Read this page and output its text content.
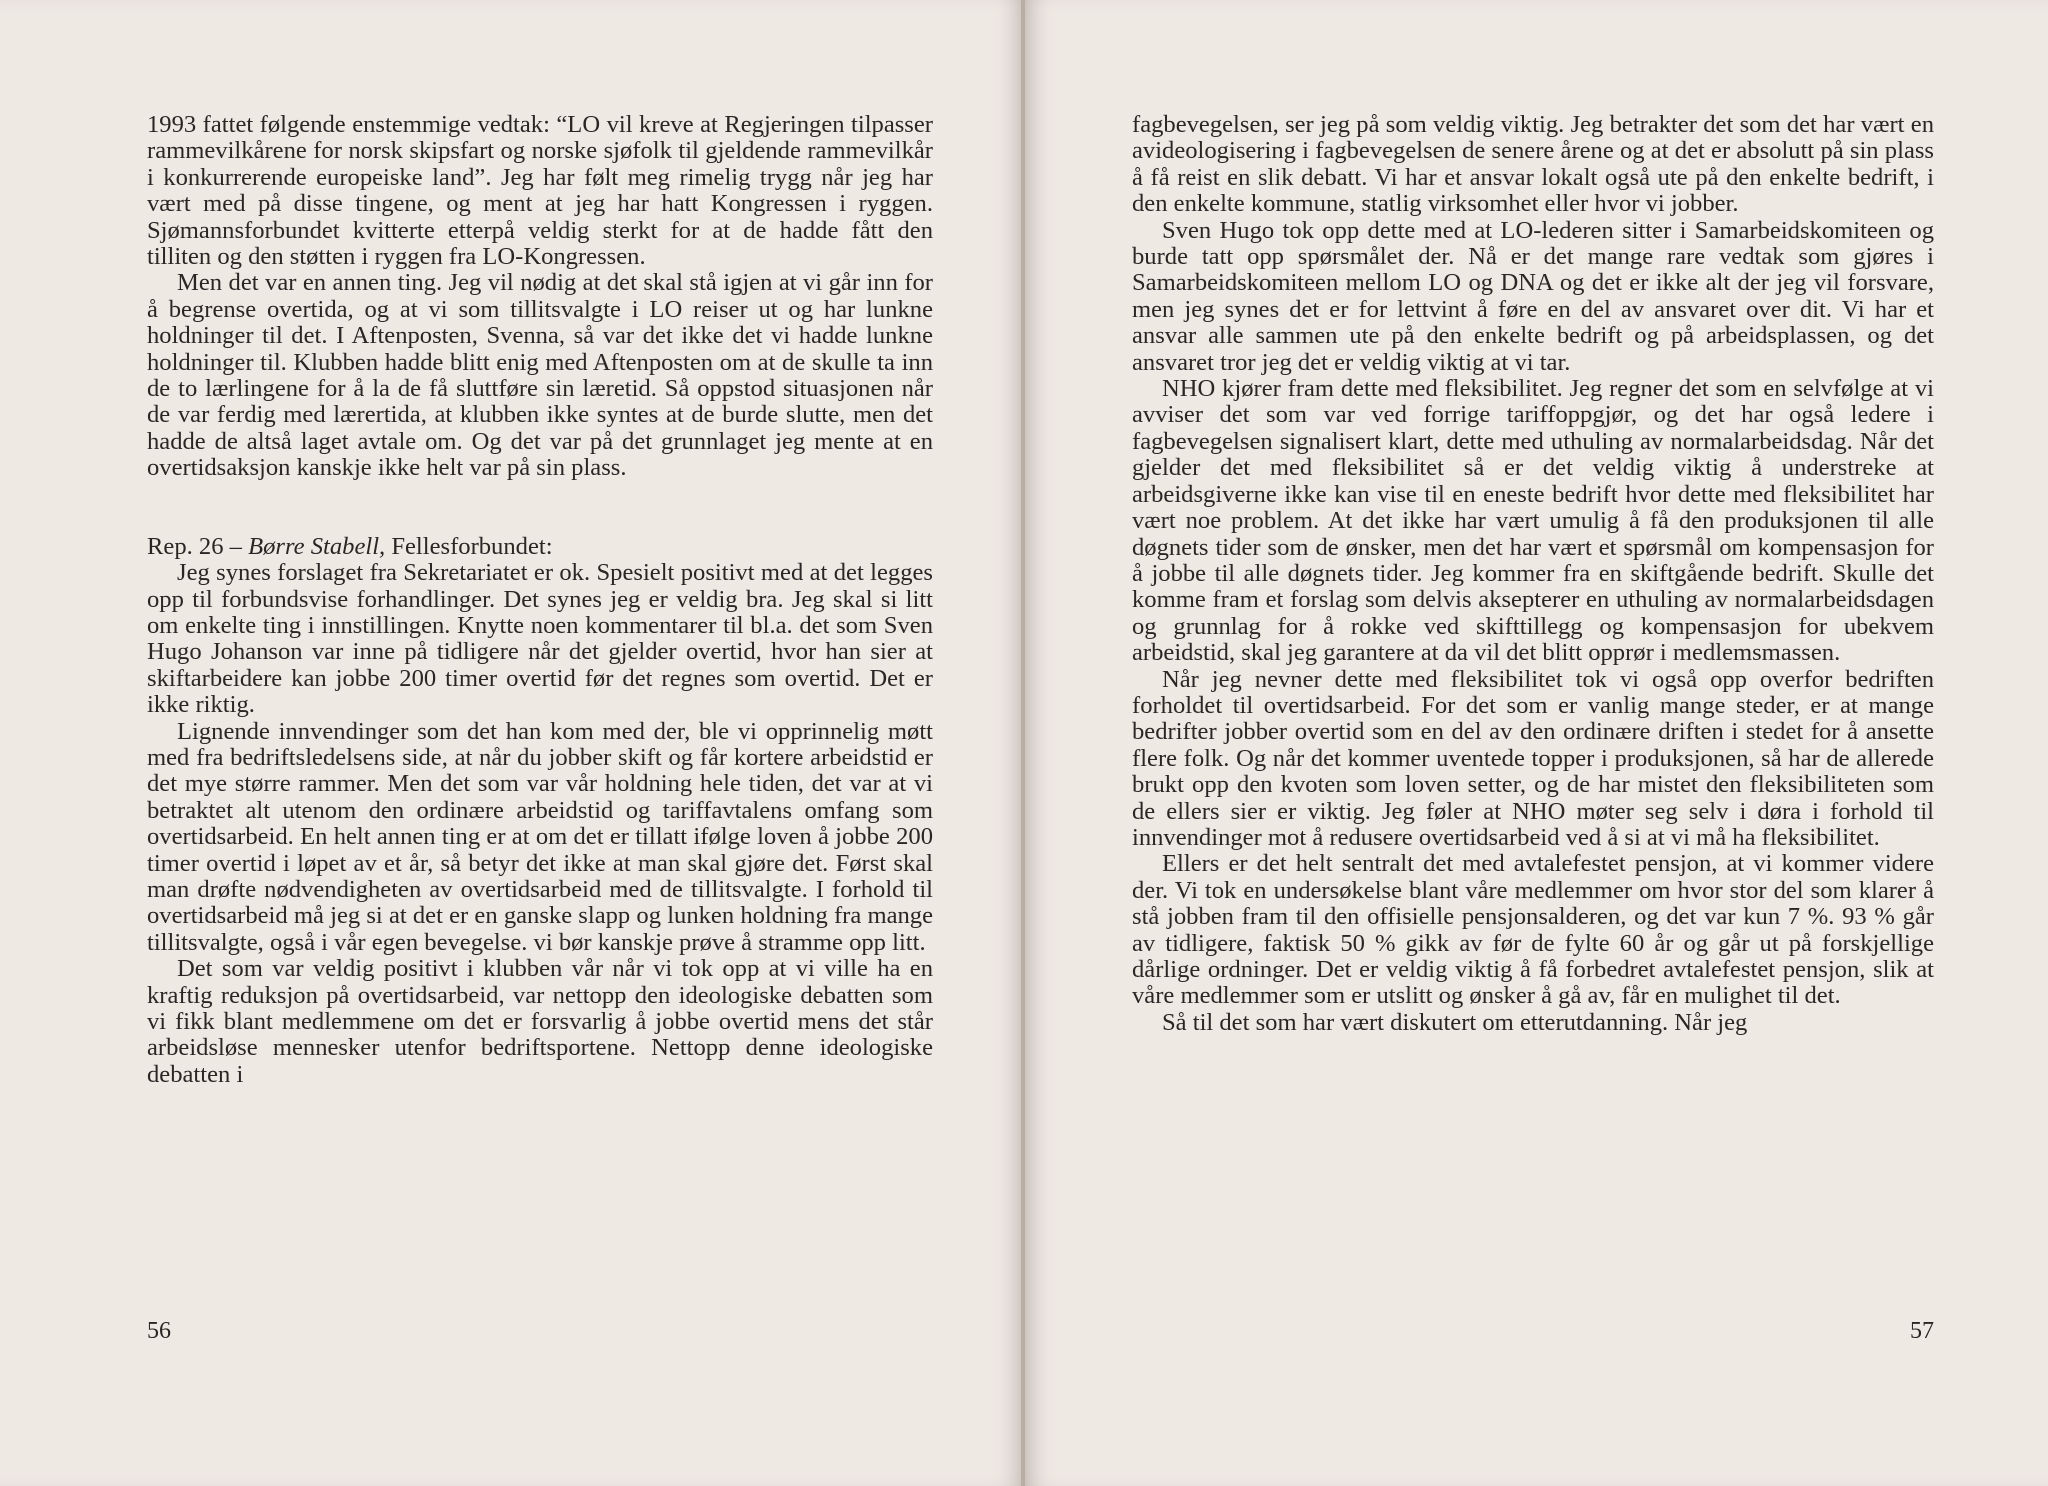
1993 fattet følgende enstemmige vedtak: “LO vil kreve at Regjeringen tilpasser rammevilkårene for norsk skipsfart og norske sjøfolk til gjeldende rammevilkår i konkurrerende europeiske land”. Jeg har følt meg rimelig trygg når jeg har vært med på disse tingene, og ment at jeg har hatt Kongressen i ryggen. Sjømannsforbundet kvitterte etterpå veldig sterkt for at de hadde fått den tilliten og den støtten i ryggen fra LO-Kongressen.

Men det var en annen ting. Jeg vil nødig at det skal stå igjen at vi går inn for å begrense overtida, og at vi som tillitsvalgte i LO reiser ut og har lunkne holdninger til det. I Aftenposten, Svenna, så var det ikke det vi hadde lunkne holdninger til. Klubben hadde blitt enig med Aftenposten om at de skulle ta inn de to lærlingene for å la de få sluttføre sin læretid. Så oppstod situasjonen når de var ferdig med lærertida, at klubben ikke syntes at de burde slutte, men det hadde de altså laget avtale om. Og det var på det grunnlaget jeg mente at en overtidsaksjon kanskje ikke helt var på sin plass.

Rep. 26 – Børre Stabell, Fellesforbundet:

Jeg synes forslaget fra Sekretariatet er ok. Spesielt positivt med at det legges opp til forbundsvise forhandlinger. Det synes jeg er veldig bra. Jeg skal si litt om enkelte ting i innstillingen. Knytte noen kommentarer til bl.a. det som Sven Hugo Johanson var inne på tidligere når det gjelder overtid, hvor han sier at skiftarbeidere kan jobbe 200 timer overtid før det regnes som overtid. Det er ikke riktig.

Lignende innvendinger som det han kom med der, ble vi opprinnelig møtt med fra bedriftsledelsens side, at når du jobber skift og får kortere arbeidstid er det mye større rammer. Men det som var vår holdning hele tiden, det var at vi betraktet alt utenom den ordinære arbeidstid og tariffavtalens omfang som overtidsarbeid. En helt annen ting er at om det er tillatt ifølge loven å jobbe 200 timer overtid i løpet av et år, så betyr det ikke at man skal gjøre det. Først skal man drøfte nødvendigheten av overtidsarbeid med de tillitsvalgte. I forhold til overtidsarbeid må jeg si at det er en ganske slapp og lunken holdning fra mange tillitsvalgte, også i vår egen bevegelse. vi bør kanskje prøve å stramme opp litt.

Det som var veldig positivt i klubben vår når vi tok opp at vi ville ha en kraftig reduksjon på overtidsarbeid, var nettopp den ideologiske debatten som vi fikk blant medlemmene om det er forsvarlig å jobbe overtid mens det står arbeidsløse mennesker utenfor bedriftsportene. Nettopp denne ideologiske debatten i

56

fagbevegelsen, ser jeg på som veldig viktig. Jeg betrakter det som det har vært en avideologisering i fagbevegelsen de senere årene og at det er absolutt på sin plass å få reist en slik debatt. Vi har et ansvar lokalt også ute på den enkelte bedrift, i den enkelte kommune, statlig virksomhet eller hvor vi jobber.

Sven Hugo tok opp dette med at LO-lederen sitter i Samarbeidskomiteen og burde tatt opp spørsmålet der. Nå er det mange rare vedtak som gjøres i Samarbeidskomiteen mellom LO og DNA og det er ikke alt der jeg vil forsvare, men jeg synes det er for lettvint å føre en del av ansvaret over dit. Vi har et ansvar alle sammen ute på den enkelte bedrift og på arbeidsplassen, og det ansvaret tror jeg det er veldig viktig at vi tar.

NHO kjører fram dette med fleksibilitet. Jeg regner det som en selvfølge at vi avviser det som var ved forrige tariffoppgjør, og det har også ledere i fagbevegelsen signalisert klart, dette med uthuling av normalarbeidsdag. Når det gjelder det med fleksibilitet så er det veldig viktig å understreke at arbeidsgiverne ikke kan vise til en eneste bedrift hvor dette med fleksibilitet har vært noe problem. At det ikke har vært umulig å få den produksjonen til alle døgnets tider som de ønsker, men det har vært et spørsmål om kompensasjon for å jobbe til alle døgnets tider. Jeg kommer fra en skiftgående bedrift. Skulle det komme fram et forslag som delvis aksepterer en uthuling av normalarbeidsdagen og grunnlag for å rokke ved skifttillegg og kompensasjon for ubekvem arbeidstid, skal jeg garantere at da vil det blitt opprør i medlemsmassen.

Når jeg nevner dette med fleksibilitet tok vi også opp overfor bedriften forholdet til overtidsarbeid. For det som er vanlig mange steder, er at mange bedrifter jobber overtid som en del av den ordinære driften i stedet for å ansette flere folk. Og når det kommer uventede topper i produksjonen, så har de allerede brukt opp den kvoten som loven setter, og de har mistet den fleksibiliteten som de ellers sier er viktig. Jeg føler at NHO møter seg selv i døra i forhold til innvendinger mot å redusere overtidsarbeid ved å si at vi må ha fleksibilitet.

Ellers er det helt sentralt det med avtalefestet pensjon, at vi kommer videre der. Vi tok en undersøkelse blant våre medlemmer om hvor stor del som klarer å stå jobben fram til den offisielle pensjonsalderen, og det var kun 7 %. 93 % går av tidligere, faktisk 50 % gikk av før de fylte 60 år og går ut på forskjellige dårlige ordninger. Det er veldig viktig å få forbedret avtalefestet pensjon, slik at våre medlemmer som er utslitt og ønsker å gå av, får en mulighet til det.

Så til det som har vært diskutert om etterutdanning. Når jeg

57
